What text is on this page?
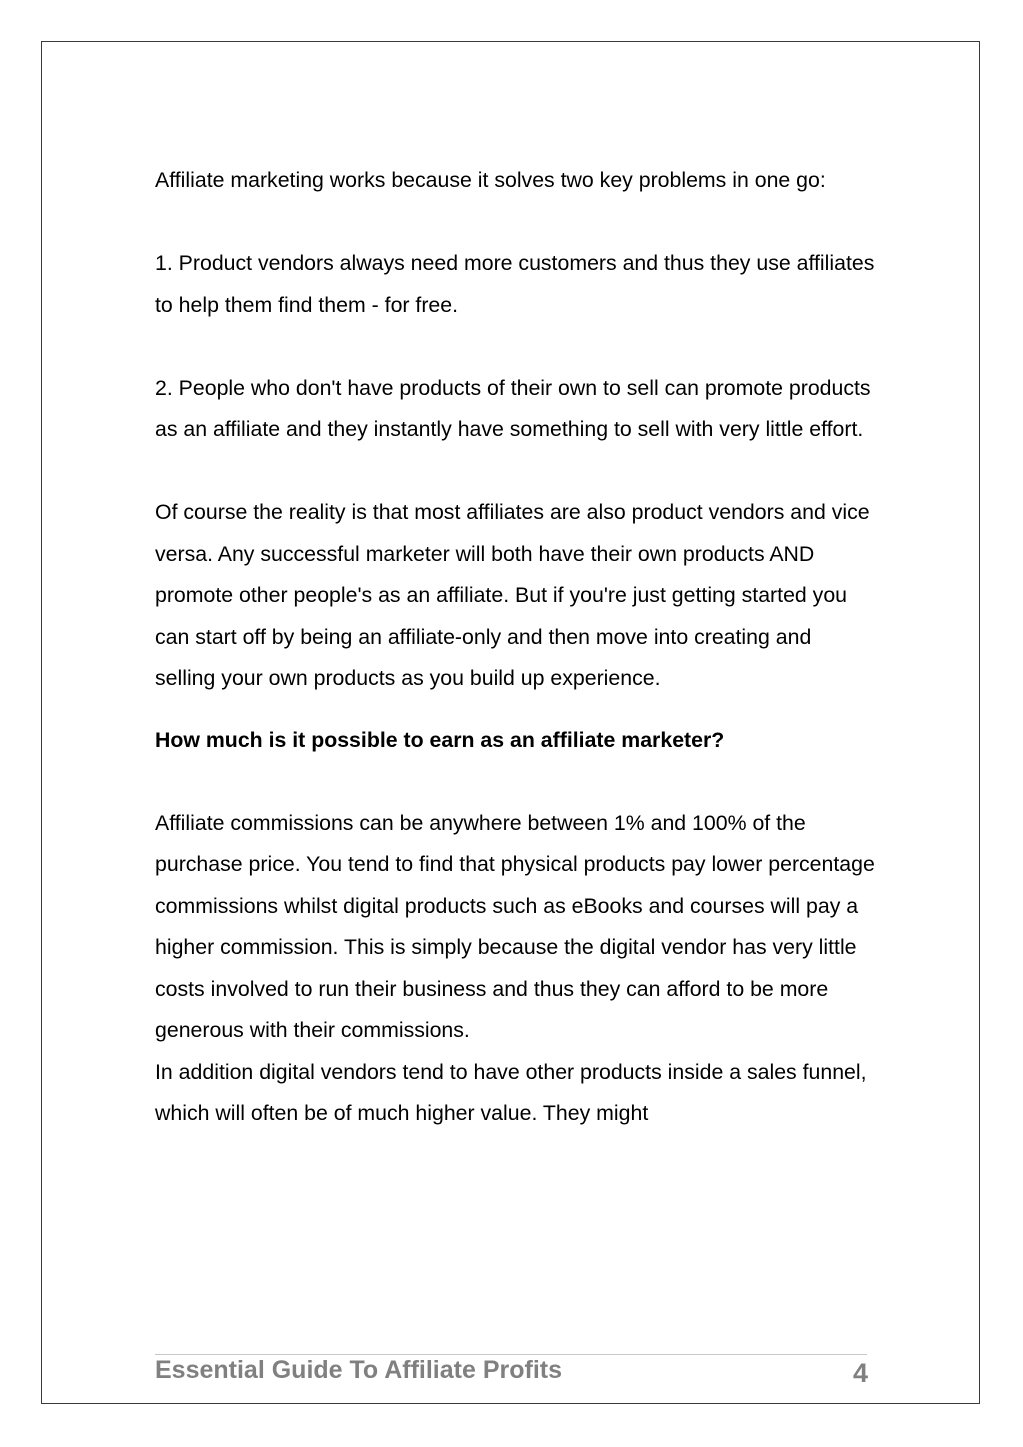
Affiliate marketing works because it solves two key problems in one go:

1. Product vendors always need more customers and thus they use affiliates to help them find them - for free.

2. People who don't have products of their own to sell can promote products as an affiliate and they instantly have something to sell with very little effort.

Of course the reality is that most affiliates are also product vendors and vice versa. Any successful marketer will both have their own products AND promote other people's as an affiliate. But if you're just getting started you can start off by being an affiliate-only and then move into creating and selling your own products as you build up experience.

How much is it possible to earn as an affiliate marketer?

Affiliate commissions can be anywhere between 1% and 100% of the purchase price. You tend to find that physical products pay lower percentage commissions whilst digital products such as eBooks and courses will pay a higher commission. This is simply because the digital vendor has very little costs involved to run their business and thus they can afford to be more generous with their commissions.

In addition digital vendors tend to have other products inside a sales funnel, which will often be of much higher value. They might

Essential Guide To Affiliate Profits	4
